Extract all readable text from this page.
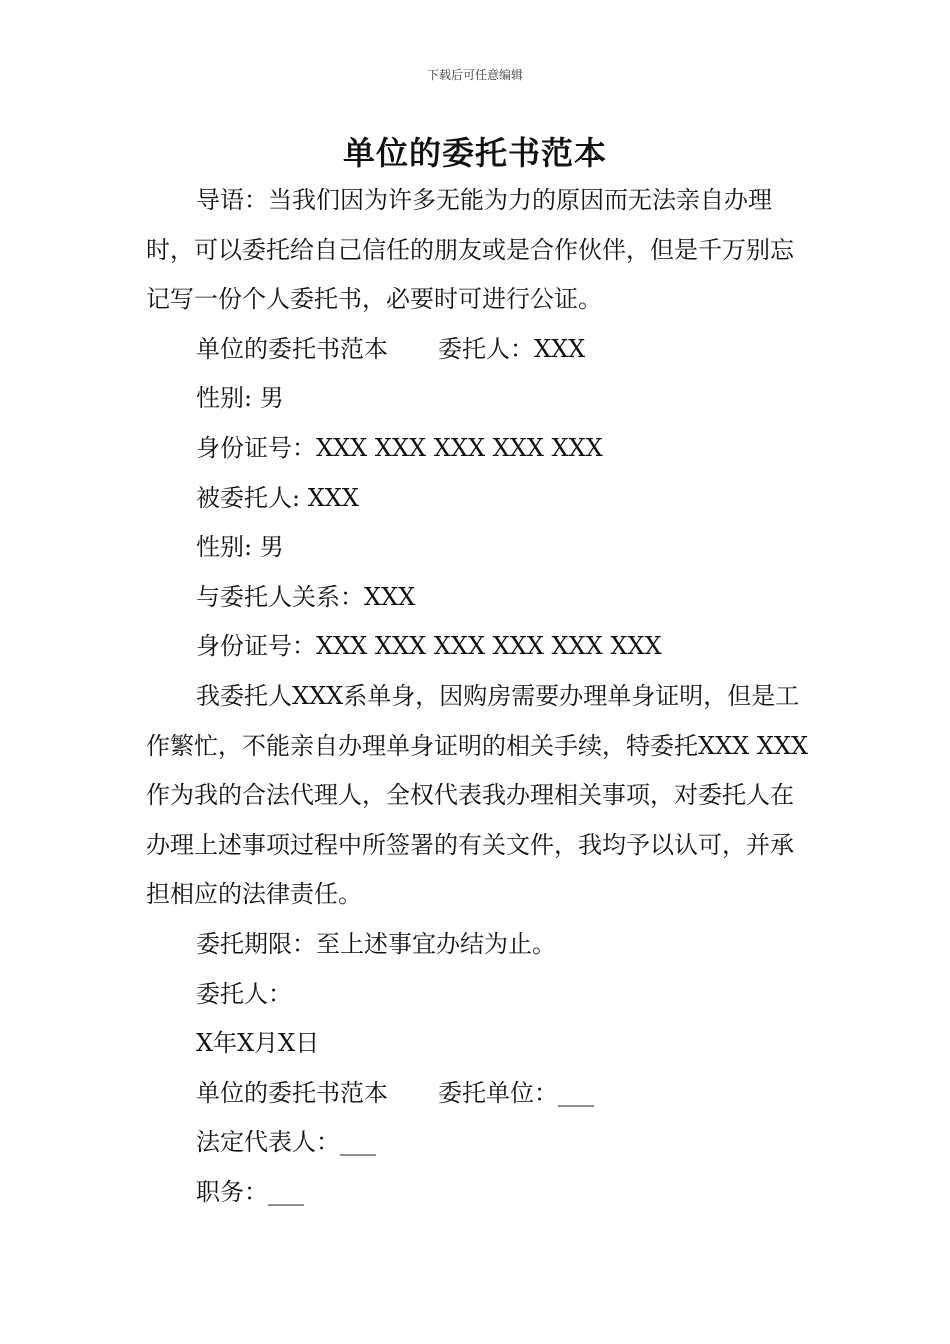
下载后可任意编辑
单位的委托书范本

导语：当我们因为许多无能为力的原因而无法亲自办理时，可以委托给自己信任的朋友或是合作伙伴，但是千万别忘记写一份个人委托书，必要时可进行公证。

单位的委托书范本 委托人：XXX
性别: 男
身份证号：XXX XXX XXX XXX XXX
被委托人: XXX
性别: 男
与委托人关系：XXX
身份证号：XXX XXX XXX XXX XXX XXX

我委托人XXX系单身，因购房需要办理单身证明，但是工作繁忙，不能亲自办理单身证明的相关手续，特委托XXX XXX作为我的合法代理人，全权代表我办理相关事项，对委托人在办理上述事项过程中所签署的有关文件，我均予以认可，并承担相应的法律责任。

委托期限：至上述事宜办结为止。
委托人：
X年X月X日
单位的委托书范本 委托单位：___
法定代表人：___
职务：___
